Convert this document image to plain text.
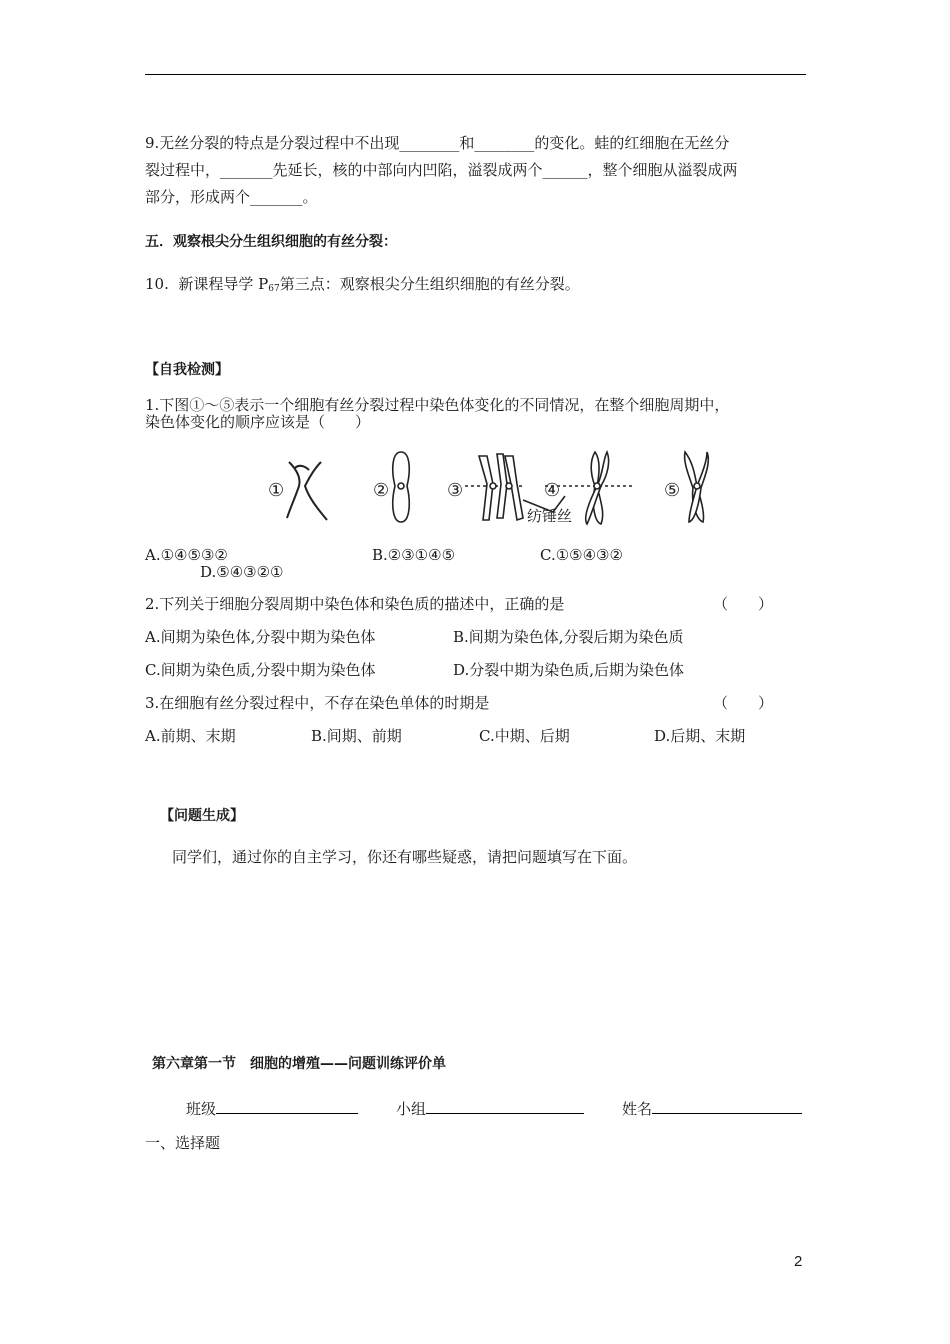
9.无丝分裂的特点是分裂过程中不出现________和________的变化。蛙的红细胞在无丝分
裂过程中，_______先延长，核的中部向内凹陷，溢裂成两个______，整个细胞从溢裂成两
部分，形成两个_______。
五．观察根尖分生组织细胞的有丝分裂：
10. 新课程导学 $P_{67}$第三点：观察根尖分生组织细胞的有丝分裂。
【自我检测】
1.下图①～⑤表示一个细胞有丝分裂过程中染色体变化的不同情况，在整个细胞周期中，
染色体变化的顺序应该是（　　）
①	②	③	④	⑤
纺锤丝
A.①④⑤③②	B.②③①④⑤	C.①⑤④③②
D.⑤④③②①
2.下列关于细胞分裂周期中染色体和染色质的描述中，正确的是	（　　）
A.间期为染色体,分裂中期为染色体	B.间期为染色体,分裂后期为染色质
C.间期为染色质,分裂中期为染色体	D.分裂中期为染色质,后期为染色体
3.在细胞有丝分裂过程中，不存在染色单体的时期是	（　　）
A.前期、末期	B.间期、前期	C.中期、后期	D.后期、末期
【问题生成】
同学们，通过你的自主学习，你还有哪些疑惑，请把问题填写在下面。
第六章第一节　细胞的增殖——问题训练评价单
班级	小组	姓名
一、选择题
2
